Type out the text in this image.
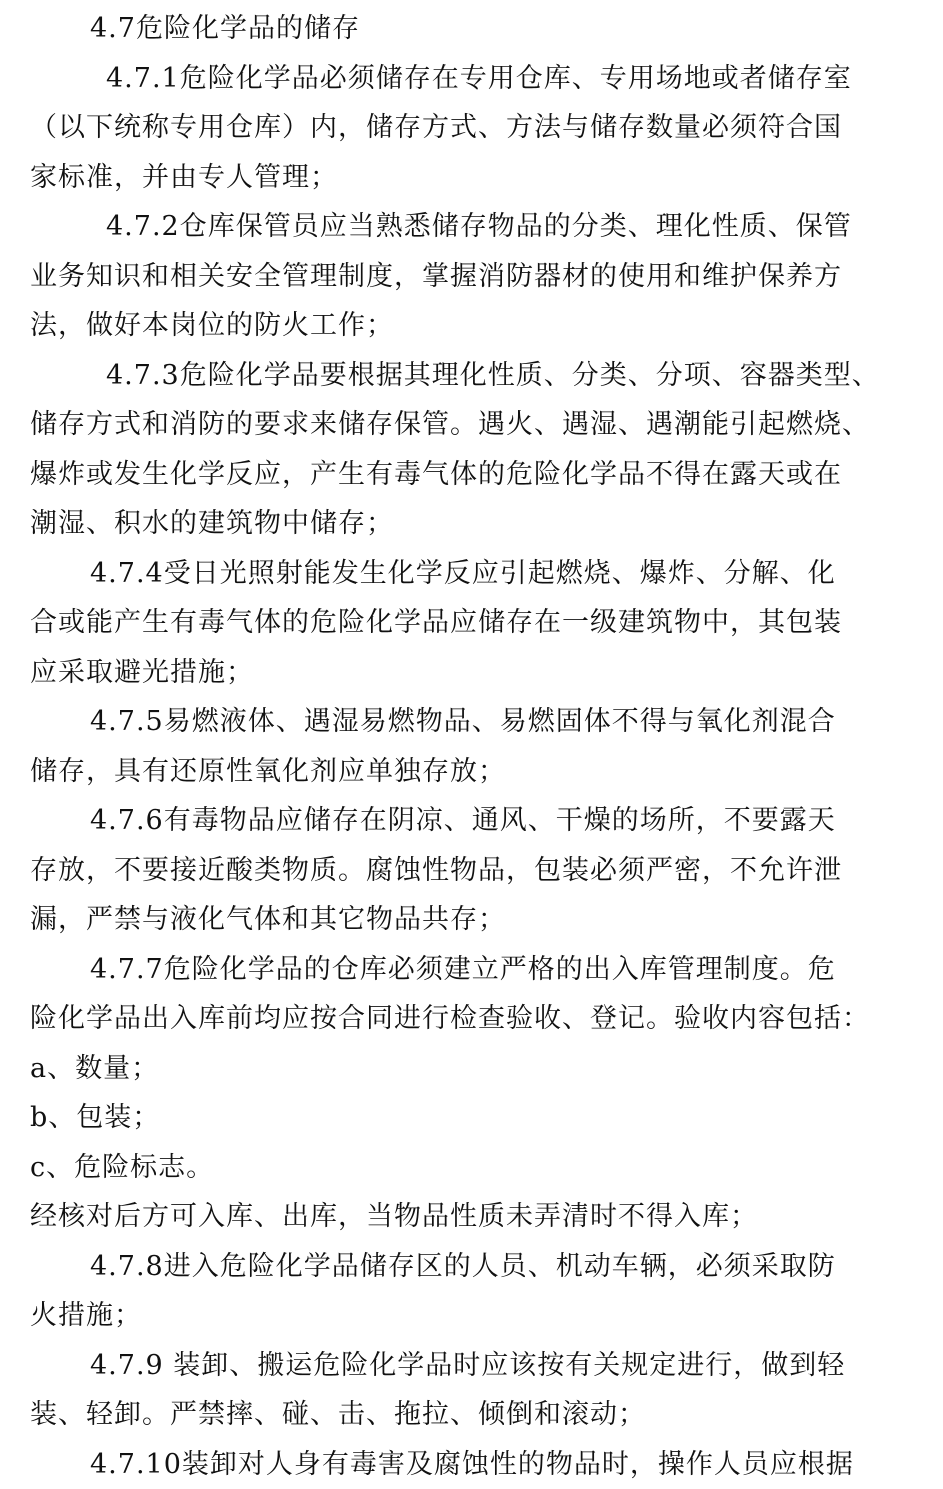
4.7危险化学品的储存
4.7.1危险化学品必须储存在专用仓库、专用场地或者储存室
（以下统称专用仓库）内，储存方式、方法与储存数量必须符合国
家标准，并由专人管理；
4.7.2仓库保管员应当熟悉储存物品的分类、理化性质、保管
业务知识和相关安全管理制度，掌握消防器材的使用和维护保养方
法，做好本岗位的防火工作；
4.7.3危险化学品要根据其理化性质、分类、分项、容器类型、
储存方式和消防的要求来储存保管。遇火、遇湿、遇潮能引起燃烧、
爆炸或发生化学反应，产生有毒气体的危险化学品不得在露天或在
潮湿、积水的建筑物中储存；
4.7.4受日光照射能发生化学反应引起燃烧、爆炸、分解、化
合或能产生有毒气体的危险化学品应储存在一级建筑物中，其包装
应采取避光措施；
4.7.5易燃液体、遇湿易燃物品、易燃固体不得与氧化剂混合
储存，具有还原性氧化剂应单独存放；
4.7.6有毒物品应储存在阴凉、通风、干燥的场所，不要露天
存放，不要接近酸类物质。腐蚀性物品，包装必须严密，不允许泄
漏，严禁与液化气体和其它物品共存；
4.7.7危险化学品的仓库必须建立严格的出入库管理制度。危
险化学品出入库前均应按合同进行检查验收、登记。验收内容包括：
a、数量；
b、包装；
c、危险标志。
经核对后方可入库、出库，当物品性质未弄清时不得入库；
4.7.8进入危险化学品储存区的人员、机动车辆，必须采取防
火措施；
4.7.9 装卸、搬运危险化学品时应该按有关规定进行，做到轻
装、轻卸。严禁摔、碰、击、拖拉、倾倒和滚动；
4.7.10装卸对人身有毒害及腐蚀性的物品时，操作人员应根据
